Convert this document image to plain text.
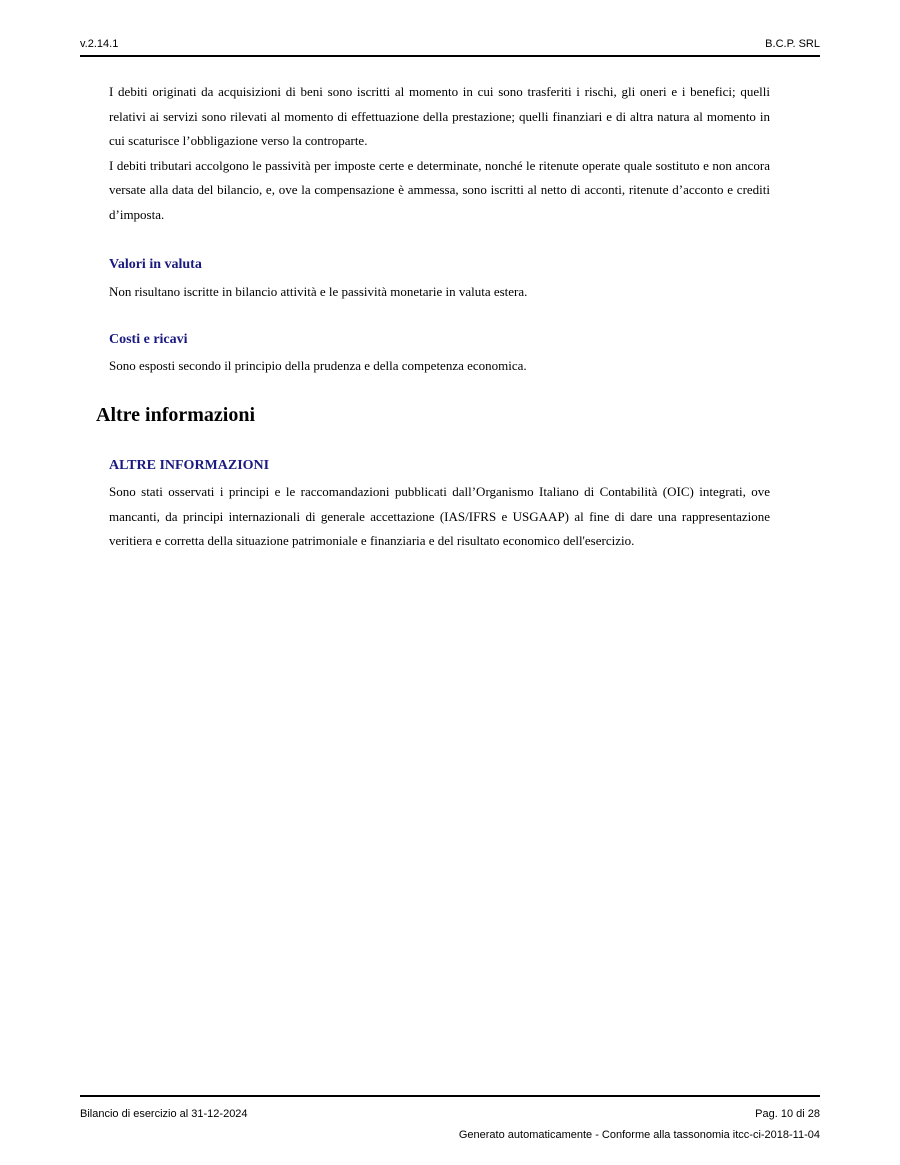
v.2.14.1	B.C.P. SRL

I debiti originati da acquisizioni di beni sono iscritti al momento in cui sono trasferiti i rischi, gli oneri e i benefici; quelli relativi ai servizi sono rilevati al momento di effettuazione della prestazione; quelli finanziari e di altra natura al momento in cui scaturisce l’obbligazione verso la controparte.

I debiti tributari accolgono le passività per imposte certe e determinate, nonché le ritenute operate quale sostituto e non ancora versate alla data del bilancio, e, ove la compensazione è ammessa, sono iscritti al netto di acconti, ritenute d’acconto e crediti d’imposta.

Valori in valuta

Non risultano iscritte in bilancio attività e le passività monetarie in valuta estera.

Costi e ricavi

Sono esposti secondo il principio della prudenza e della competenza economica.

Altre informazioni

ALTRE INFORMAZIONI

Sono stati osservati i principi e le raccomandazioni pubblicati dall’Organismo Italiano di Contabilità (OIC) integrati, ove mancanti, da principi internazionali di generale accettazione (IAS/IFRS e USGAAP) al fine di dare una rappresentazione veritiera e corretta della situazione patrimoniale e finanziaria e del risultato economico dell'esercizio.

Bilancio di esercizio al 31-12-2024	Pag. 10 di 28
Generato automaticamente - Conforme alla tassonomia itcc-ci-2018-11-04
